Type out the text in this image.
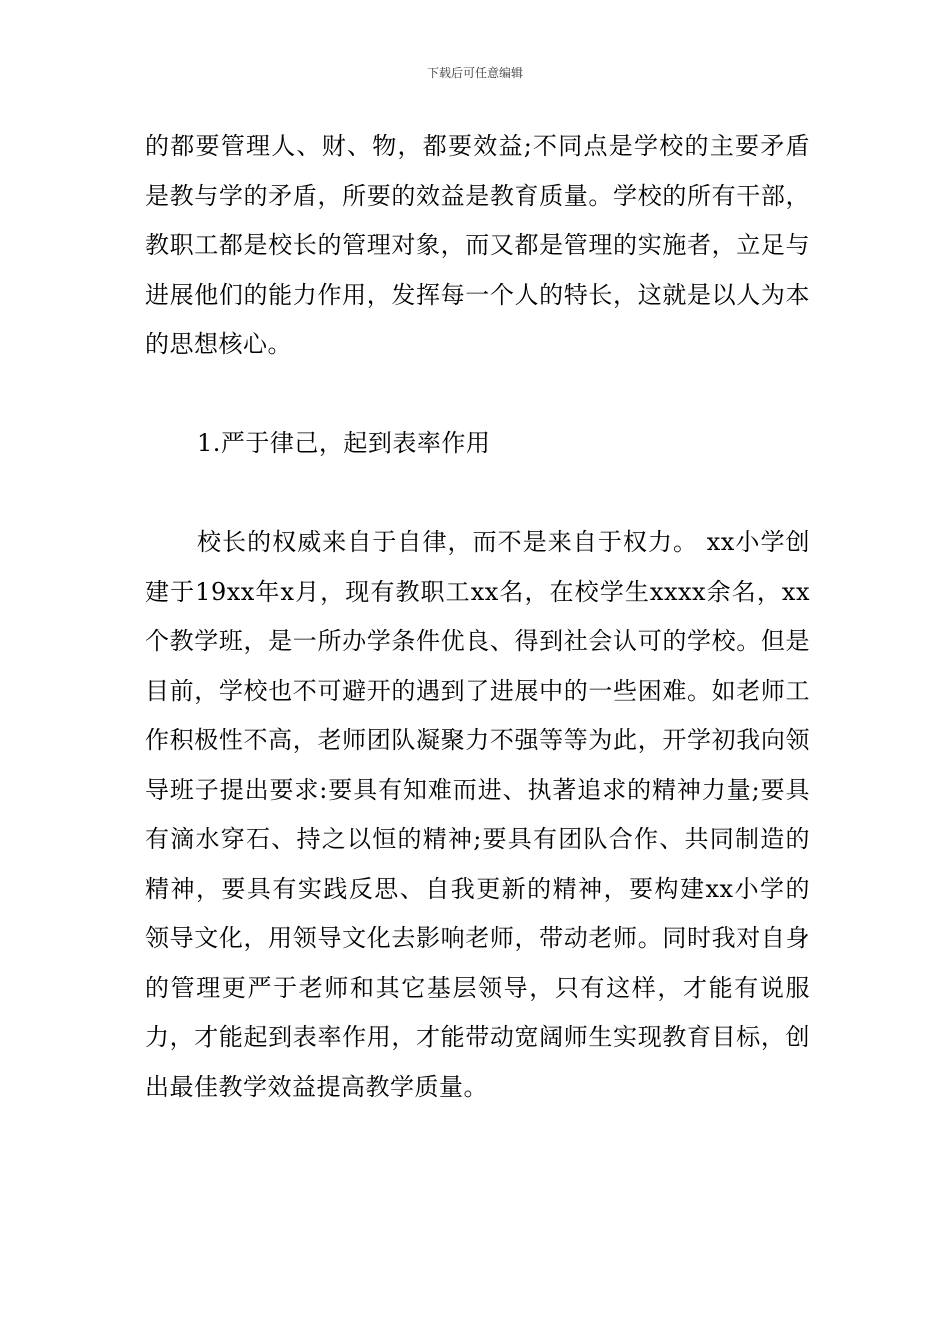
下载后可任意编辑

的都要管理人、财、物，都要效益;不同点是学校的主要矛盾是教与学的矛盾，所要的效益是教育质量。学校的所有干部，教职工都是校长的管理对象，而又都是管理的实施者，立足与进展他们的能力作用，发挥每一个人的特长，这就是以人为本的思想核心。

1.严于律己，起到表率作用

校长的权威来自于自律，而不是来自于权力。 xx小学创建于19xx年x月，现有教职工xx名，在校学生xxxx余名，xx个教学班，是一所办学条件优良、得到社会认可的学校。但是目前，学校也不可避开的遇到了进展中的一些困难。如老师工作积极性不高，老师团队凝聚力不强等等为此，开学初我向领导班子提出要求:要具有知难而进、执著追求的精神力量;要具有滴水穿石、持之以恒的精神;要具有团队合作、共同制造的精神，要具有实践反思、自我更新的精神，要构建xx小学的领导文化，用领导文化去影响老师，带动老师。同时我对自身的管理更严于老师和其它基层领导，只有这样，才能有说服力，才能起到表率作用，才能带动宽阔师生实现教育目标，创出最佳教学效益提高教学质量。
